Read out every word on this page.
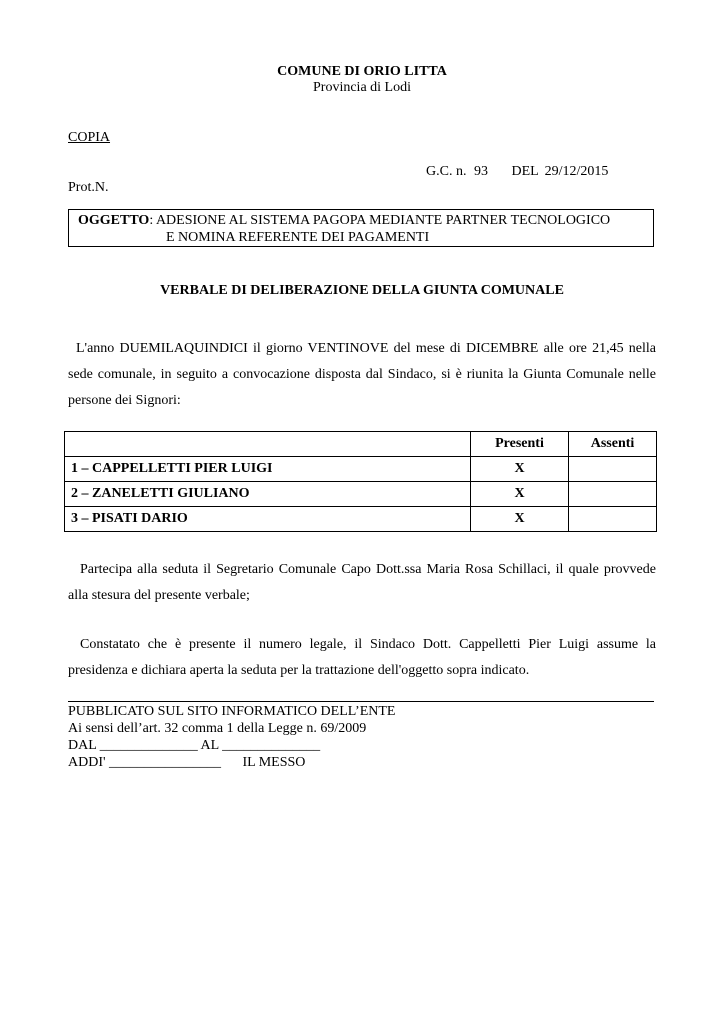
COMUNE DI ORIO LITTA
Provincia di Lodi
COPIA
G.C. n. 93 DEL 29/12/2015
Prot.N.
OGGETTO: ADESIONE AL SISTEMA PAGOPA MEDIANTE PARTNER TECNOLOGICO
E NOMINA REFERENTE DEI PAGAMENTI
VERBALE DI DELIBERAZIONE DELLA GIUNTA COMUNALE
L'anno DUEMILAQUINDICI il giorno VENTINOVE del mese di DICEMBRE alle ore 21,45 nella sede comunale, in seguito a convocazione disposta dal Sindaco, si è riunita la Giunta Comunale nelle persone dei Signori:
	Presenti	Assenti
1 – CAPPELLETTI PIER LUIGI	X	
2 – ZANELETTI GIULIANO	X	
3 – PISATI DARIO	X	
Partecipa alla seduta il Segretario Comunale Capo Dott.ssa Maria Rosa Schillaci, il quale provvede alla stesura del presente verbale;
Constatato che è presente il numero legale, il Sindaco Dott. Cappelletti Pier Luigi assume la presidenza e dichiara aperta la seduta per la trattazione dell'oggetto sopra indicato.
PUBBLICATO SUL SITO INFORMATICO DELL’ENTE
Ai sensi dell’art. 32 comma 1 della Legge n. 69/2009
DAL ______________ AL ______________
ADDI' ________________ IL MESSO
